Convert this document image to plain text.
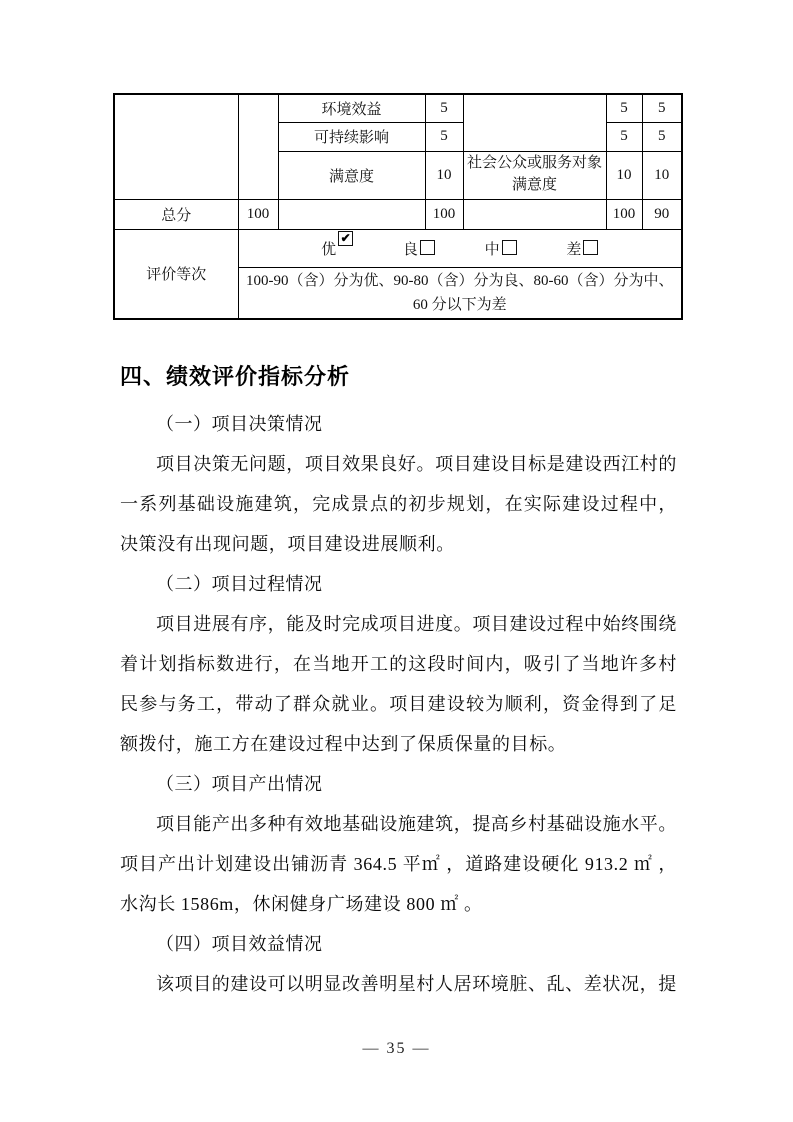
		环境效益	5		5	5
		可持续影响	5		5	5
		满意度	10	社会公众或服务对象满意度	10	10
总分	100		100		100	90
评价等次	优✔ 良 中 差
	100-90（含）分为优、90-80（含）分为良、80-60（含）分为中、60 分以下为差					
四、绩效评价指标分析

（一）项目决策情况

项目决策无问题，项目效果良好。项目建设目标是建设西江村的一系列基础设施建筑，完成景点的初步规划，在实际建设过程中，决策没有出现问题，项目建设进展顺利。

（二）项目过程情况

项目进展有序，能及时完成项目进度。项目建设过程中始终围绕着计划指标数进行，在当地开工的这段时间内，吸引了当地许多村民参与务工，带动了群众就业。项目建设较为顺利，资金得到了足额拨付，施工方在建设过程中达到了保质保量的目标。

（三）项目产出情况

项目能产出多种有效地基础设施建筑，提高乡村基础设施水平。项目产出计划建设出铺沥青 364.5 平㎡ ，道路建设硬化 913.2 ㎡ ，水沟长 1586m，休闲健身广场建设 800 ㎡ 。

（四）项目效益情况

该项目的建设可以明显改善明星村人居环境脏、乱、差状况，提

— 35 —
